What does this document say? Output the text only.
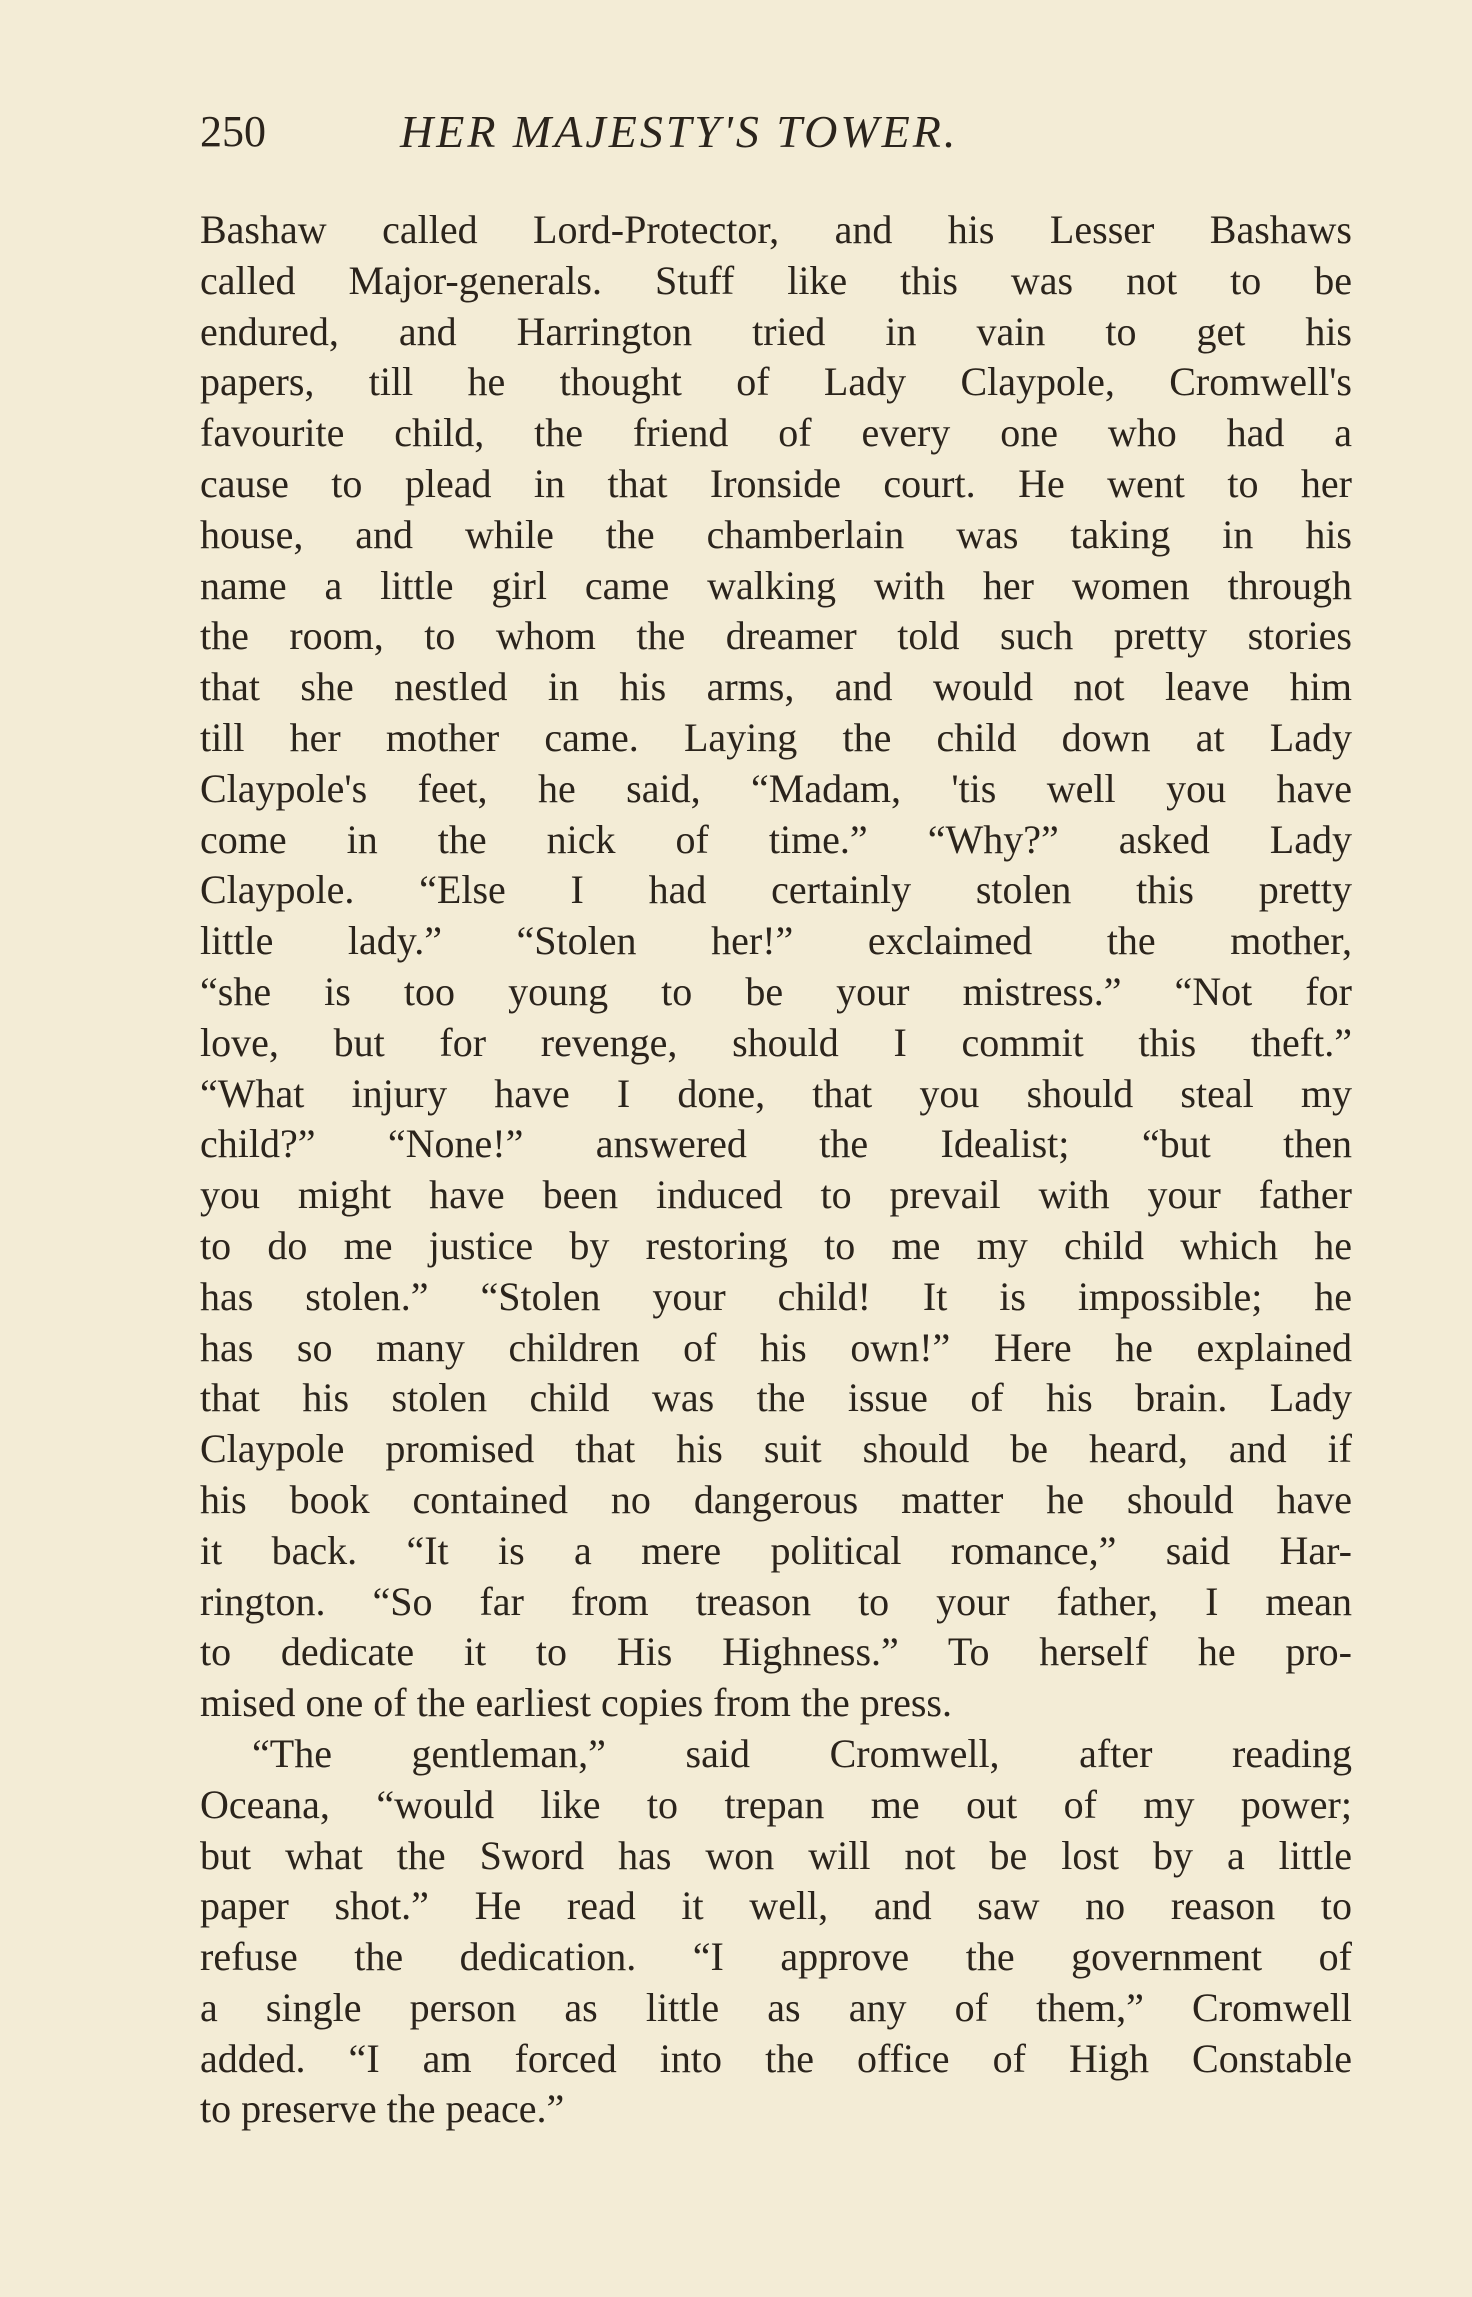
250	HER MAJESTY'S TOWER.
Bashaw called Lord-Protector, and his Lesser Bashaws
called Major-generals. Stuff like this was not to be
endured, and Harrington tried in vain to get his
papers, till he thought of Lady Claypole, Cromwell's
favourite child, the friend of every one who had a
cause to plead in that Ironside court. He went to her
house, and while the chamberlain was taking in his
name a little girl came walking with her women through
the room, to whom the dreamer told such pretty stories
that she nestled in his arms, and would not leave him
till her mother came. Laying the child down at Lady
Claypole's feet, he said, “Madam, 'tis well you have
come in the nick of time.” “Why?” asked Lady
Claypole. “Else I had certainly stolen this pretty
little lady.” “Stolen her!” exclaimed the mother,
“she is too young to be your mistress.” “Not for
love, but for revenge, should I commit this theft.”
“What injury have I done, that you should steal my
child?” “None!” answered the Idealist; “but then
you might have been induced to prevail with your father
to do me justice by restoring to me my child which he
has stolen.” “Stolen your child! It is impossible; he
has so many children of his own!” Here he explained
that his stolen child was the issue of his brain. Lady
Claypole promised that his suit should be heard, and if
his book contained no dangerous matter he should have
it back. “It is a mere political romance,” said Har-
rington. “So far from treason to your father, I mean
to dedicate it to His Highness.” To herself he pro-
mised one of the earliest copies from the press.
“The gentleman,” said Cromwell, after reading
Oceana, “would like to trepan me out of my power;
but what the Sword has won will not be lost by a little
paper shot.” He read it well, and saw no reason to
refuse the dedication. “I approve the government of
a single person as little as any of them,” Cromwell
added. “I am forced into the office of High Constable
to preserve the peace.”
